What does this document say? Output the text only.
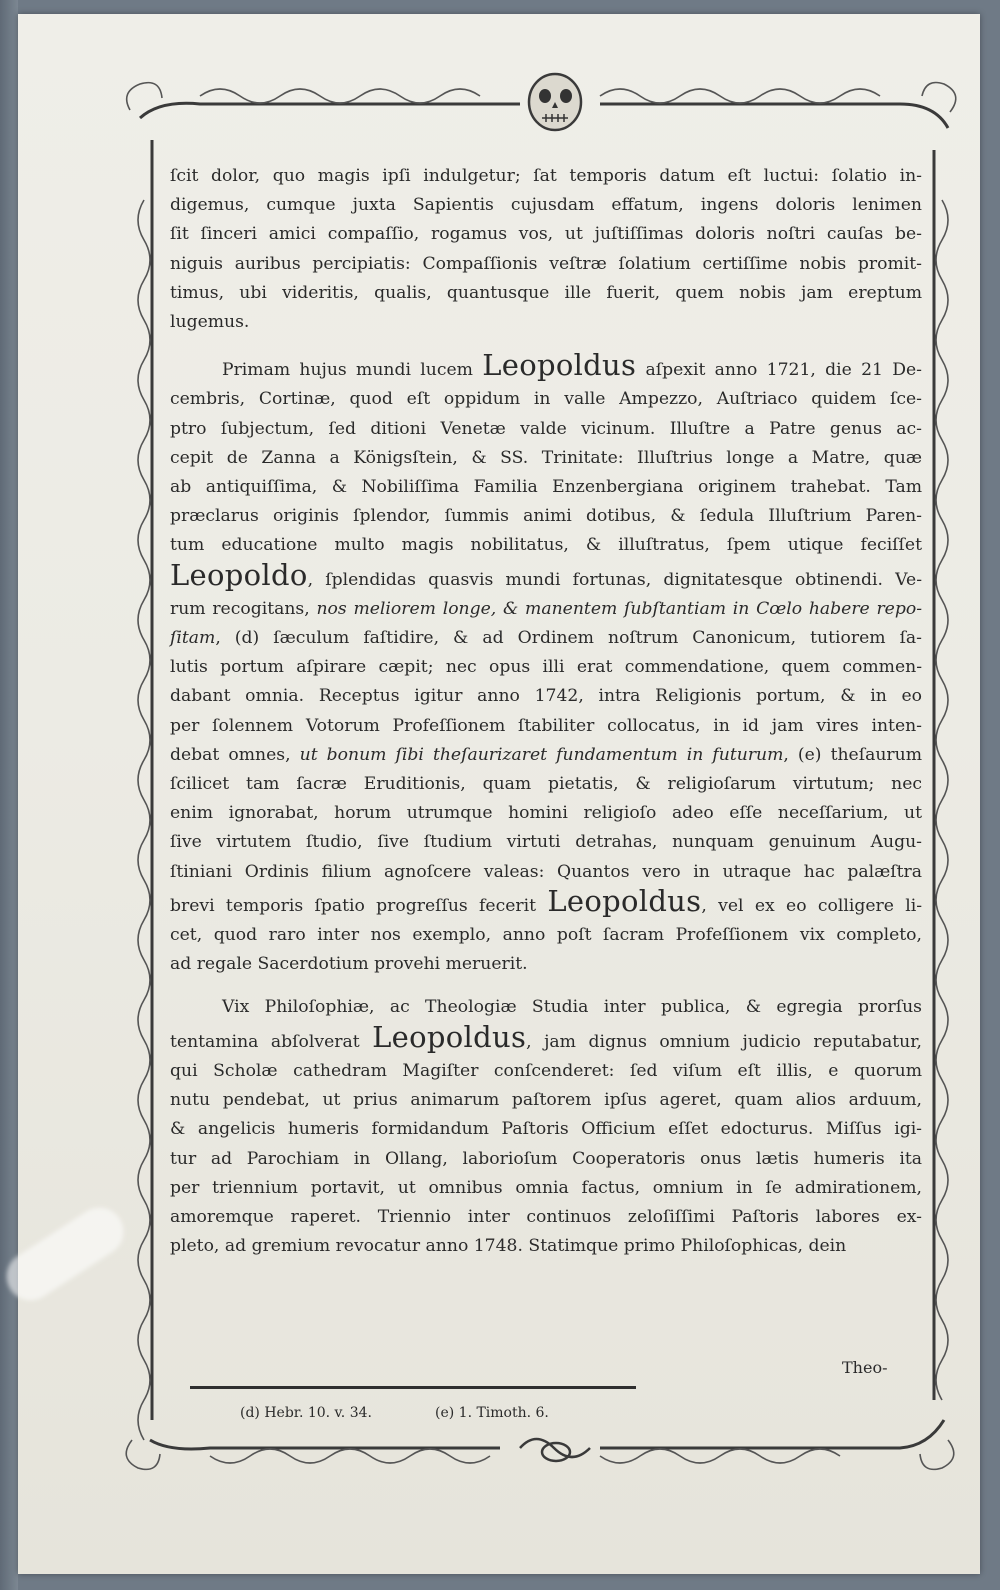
ſcit dolor, quo magis ipſi indulgetur; ſat temporis datum eſt luctui: ſolatio in-
digemus, cumque juxta Sapientis cujusdam effatum, ingens doloris lenimen
ſit ſinceri amici compaſſio, rogamus vos, ut juſtiſſimas doloris noſtri cauſas be-
niguis auribus percipiatis: Compaſſionis veſtræ ſolatium certiſſime nobis promit-
timus, ubi videritis, qualis, quantusque ille fuerit, quem nobis jam ereptum
lugemus.
Primam hujus mundi lucem Leopoldus aſpexit anno 1721, die 21 De-
cembris, Cortinæ, quod eſt oppidum in valle Ampezzo, Auſtriaco quidem ſce-
ptro ſubjectum, ſed ditioni Venetæ valde vicinum. Illuſtre a Patre genus ac-
cepit de Zanna a Königsſtein, & SS. Trinitate: Illuſtrius longe a Matre, quæ
ab antiquiſſima, & Nobiliſſima Familia Enzenbergiana originem trahebat. Tam
præclarus originis ſplendor, ſummis animi dotibus, & ſedula Illuſtrium Paren-
tum educatione multo magis nobilitatus, & illuſtratus, ſpem utique feciſſet
Leopoldo, ſplendidas quasvis mundi fortunas, dignitatesque obtinendi. Ve-
rum recogitans, nos meliorem longe, & manentem ſubſtantiam in Cœlo habere repo-
ſitam, (d) ſæculum faſtidire, & ad Ordinem noſtrum Canonicum, tutiorem ſa-
lutis portum aſpirare cæpit; nec opus illi erat commendatione, quem commen-
dabant omnia. Receptus igitur anno 1742, intra Religionis portum, & in eo
per ſolennem Votorum Profeſſionem ſtabiliter collocatus, in id jam vires inten-
debat omnes, ut bonum ſibi theſaurizaret fundamentum in futurum, (e) theſaurum
ſcilicet tam ſacræ Eruditionis, quam pietatis, & religioſarum virtutum; nec
enim ignorabat, horum utrumque homini religioſo adeo eſſe neceſſarium, ut
ſive virtutem ſtudio, ſive ſtudium virtuti detrahas, nunquam genuinum Augu-
ſtiniani Ordinis filium agnoſcere valeas: Quantos vero in utraque hac palæſtra
brevi temporis ſpatio progreſſus fecerit Leopoldus, vel ex eo colligere li-
cet, quod raro inter nos exemplo, anno poſt ſacram Profeſſionem vix completo,
ad regale Sacerdotium provehi meruerit.
Vix Philoſophiæ, ac Theologiæ Studia inter publica, & egregia prorſus
tentamina abſolverat Leopoldus, jam dignus omnium judicio reputabatur,
qui Scholæ cathedram Magiſter conſcenderet: ſed viſum eſt illis, e quorum
nutu pendebat, ut prius animarum paſtorem ipſus ageret, quam alios arduum,
& angelicis humeris formidandum Paſtoris Officium eſſet edocturus. Miſſus igi-
tur ad Parochiam in Ollang, laborioſum Cooperatoris onus lætis humeris ita
per triennium portavit, ut omnibus omnia factus, omnium in ſe admirationem,
amoremque raperet. Triennio inter continuos zeloſiſſimi Paſtoris labores ex-
pleto, ad gremium revocatur anno 1748. Statimque primo Philoſophicas, dein
Theo-
(d) Hebr. 10. v. 34.	(e) 1. Timoth. 6.
